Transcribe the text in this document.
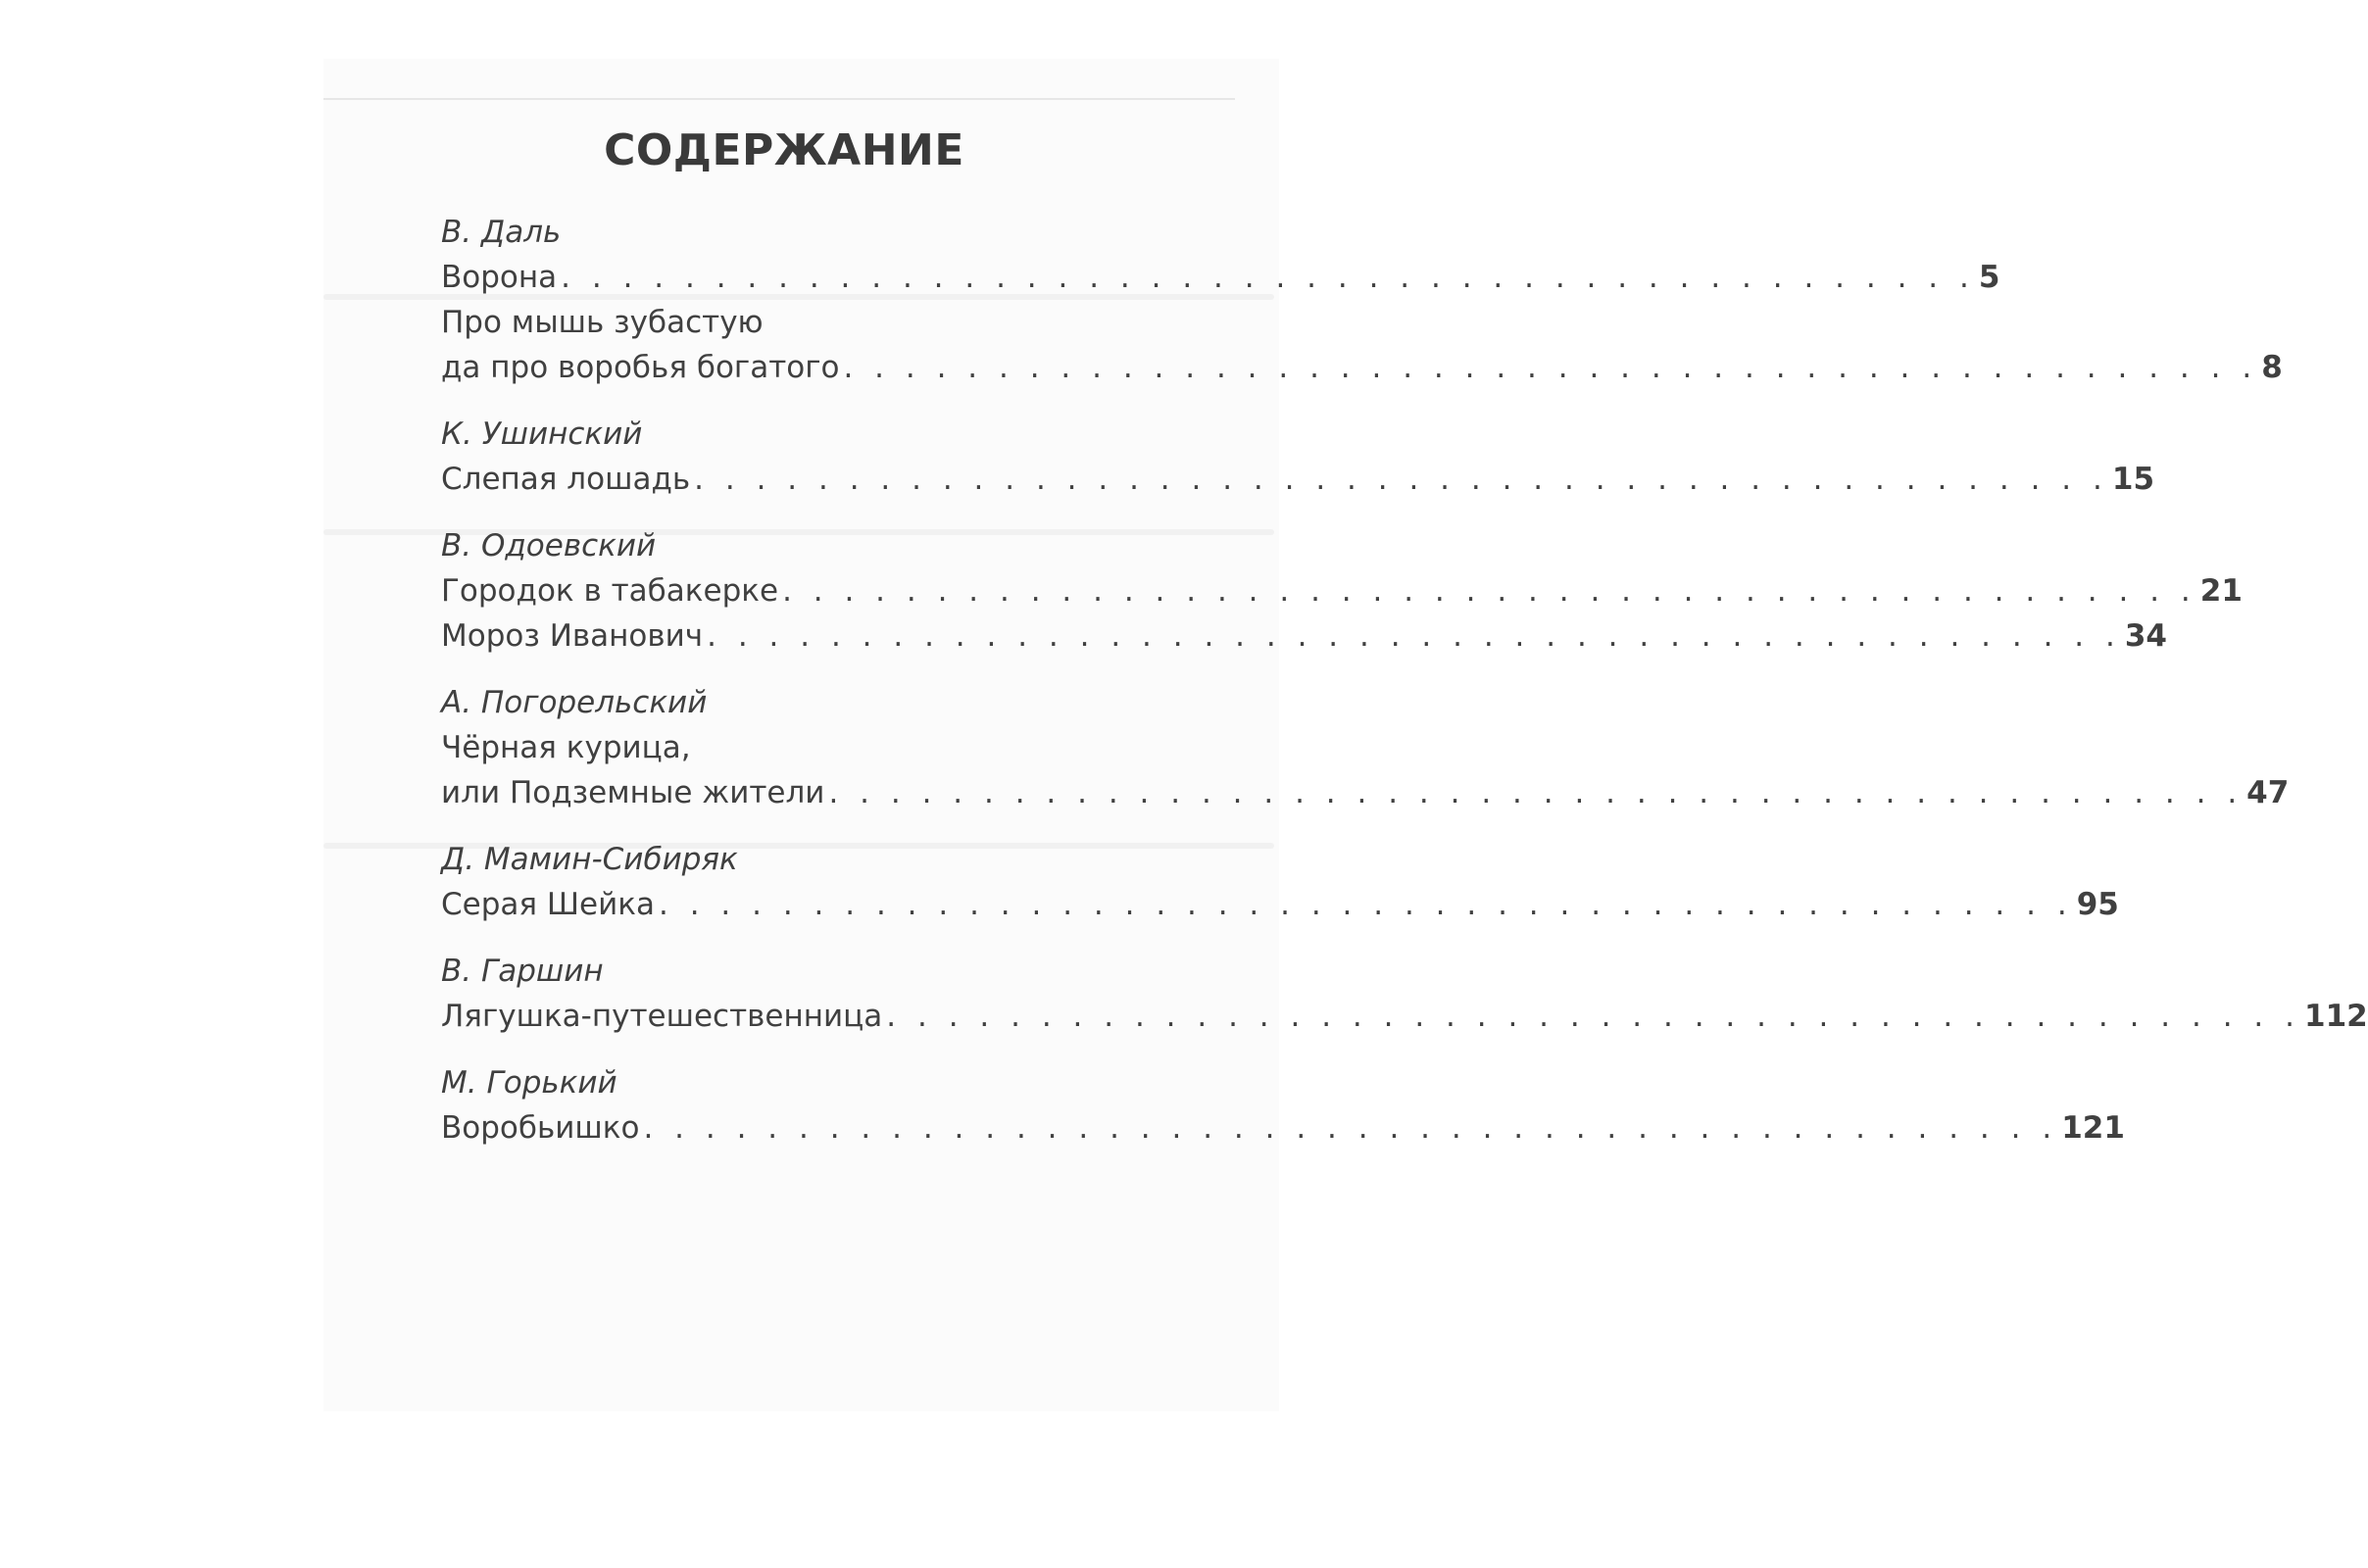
СОДЕРЖАНИЕ
В. Даль
Ворона . . . . . . . . . . . . . . . . . . . . . . . . . . . . . . . . . . . . . . . . . . . . . . 5
Про мышь зубастую
да про воробья богатого . . . . . . . . . . . . . . . . . . . . . . . . . . . . . . . . . . . . . . . . . . . . . . 8
К. Ушинский
Слепая лошадь . . . . . . . . . . . . . . . . . . . . . . . . . . . . . . . . . . . . . . . . . . . . . . 15
В. Одоевский
Городок в табакерке . . . . . . . . . . . . . . . . . . . . . . . . . . . . . . . . . . . . . . . . . . . . . . 21
Мороз Иванович . . . . . . . . . . . . . . . . . . . . . . . . . . . . . . . . . . . . . . . . . . . . . . 34
А. Погорельский
Чёрная курица,
или Подземные жители . . . . . . . . . . . . . . . . . . . . . . . . . . . . . . . . . . . . . . . . . . . . . . 47
Д. Мамин-Сибиряк
Серая Шейка . . . . . . . . . . . . . . . . . . . . . . . . . . . . . . . . . . . . . . . . . . . . . . 95
В. Гаршин
Лягушка-путешественница . . . . . . . . . . . . . . . . . . . . . . . . . . . . . . . . . . . . . . . . . . . . . . 112
М. Горький
Воробьишко . . . . . . . . . . . . . . . . . . . . . . . . . . . . . . . . . . . . . . . . . . . . . . 121
